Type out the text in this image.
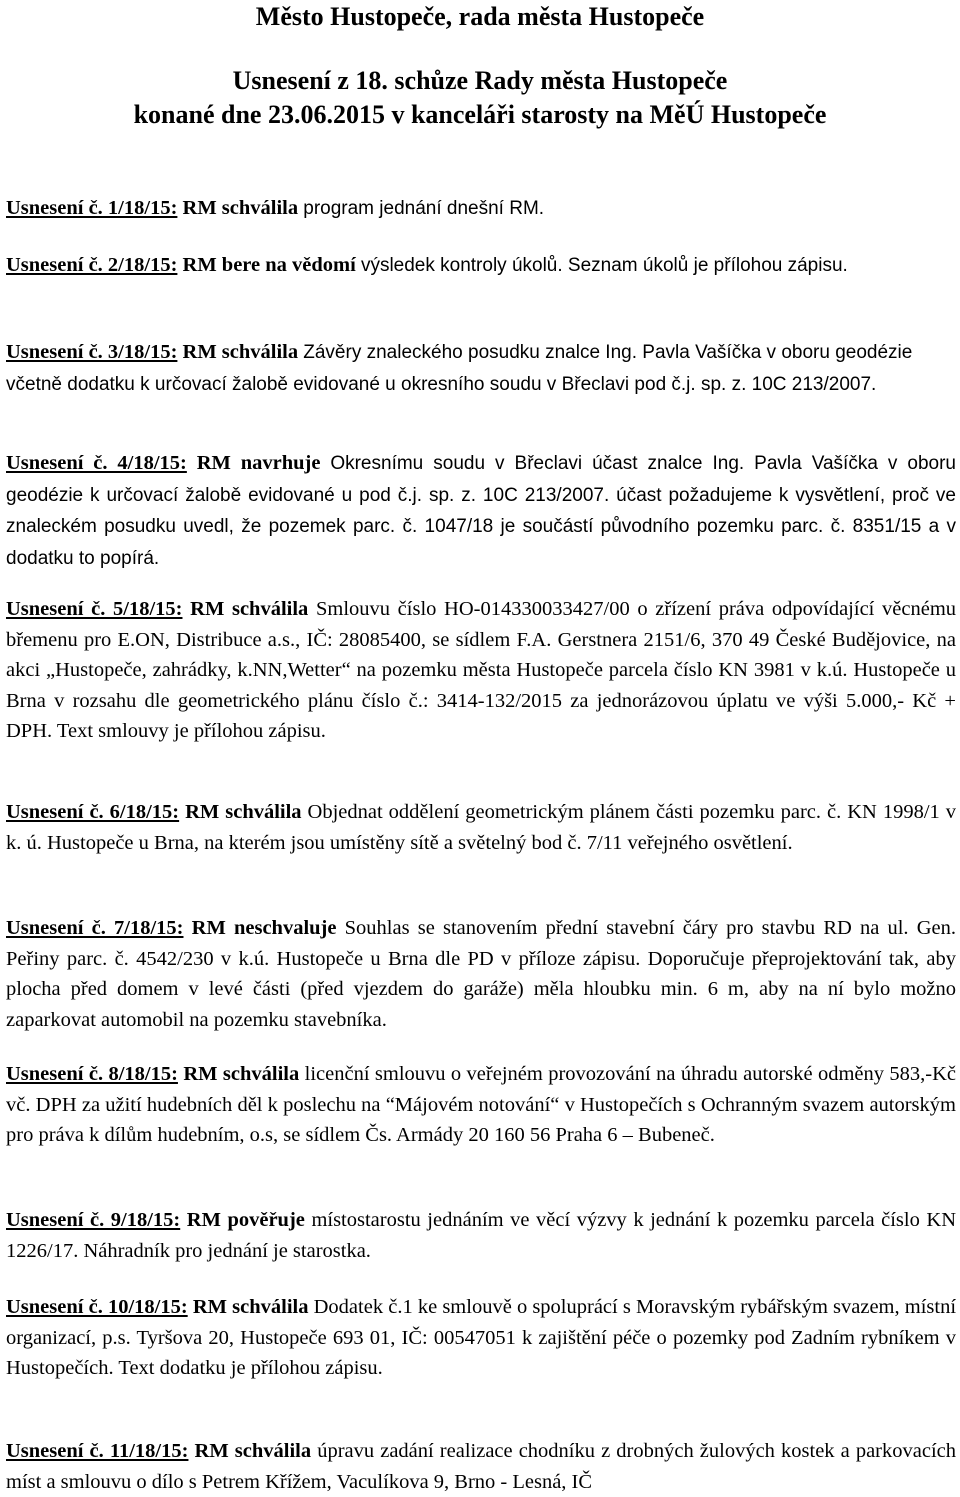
Město Hustopeče, rada města Hustopeče
Usnesení z 18. schůze Rady města Hustopeče
konané dne 23.06.2015 v kanceláři starosty na MěÚ Hustopeče
Usnesení č. 1/18/15: RM schválila program jednání dnešní RM.
Usnesení č. 2/18/15: RM bere na vědomí výsledek kontroly úkolů. Seznam úkolů je přílohou zápisu.
Usnesení č. 3/18/15: RM schválila Závěry znaleckého posudku znalce Ing. Pavla Vašíčka v oboru geodézie včetně dodatku k určovací žalobě evidované u okresního soudu v Břeclavi pod č.j. sp. z. 10C 213/2007.
Usnesení č. 4/18/15: RM navrhuje Okresnímu soudu v Břeclavi účast znalce Ing. Pavla Vašíčka v oboru geodézie k určovací žalobě evidované u pod č.j. sp. z. 10C 213/2007. účast požadujeme k vysvětlení, proč ve znaleckém posudku uvedl, že pozemek parc. č. 1047/18 je součástí původního pozemku parc. č. 8351/15 a v dodatku to popírá.
Usnesení č. 5/18/15: RM schválila Smlouvu číslo HO-014330033427/00 o zřízení práva odpovídající věcnému břemenu pro E.ON, Distribuce a.s., IČ: 28085400, se sídlem F.A. Gerstnera 2151/6, 370 49 České Budějovice, na akci „Hustopeče, zahrádky, k.NN,Wetter“ na pozemku města Hustopeče parcela číslo KN 3981 v k.ú. Hustopeče u Brna v rozsahu dle geometrického plánu číslo č.: 3414-132/2015 za jednorázovou úplatu ve výši 5.000,- Kč + DPH. Text smlouvy je přílohou zápisu.
Usnesení č. 6/18/15: RM schválila Objednat oddělení geometrickým plánem části pozemku parc. č. KN 1998/1 v k. ú. Hustopeče u Brna, na kterém jsou umístěny sítě a světelný bod č. 7/11 veřejného osvětlení.
Usnesení č. 7/18/15: RM neschvaluje Souhlas se stanovením přední stavební čáry pro stavbu RD na ul. Gen. Peřiny parc. č. 4542/230 v k.ú. Hustopeče u Brna dle PD v příloze zápisu. Doporučuje přeprojektování tak, aby plocha před domem v levé části (před vjezdem do garáže) měla hloubku min. 6 m, aby na ní bylo možno zaparkovat automobil na pozemku stavebníka.
Usnesení č. 8/18/15: RM schválila licenční smlouvu o veřejném provozování na úhradu autorské odměny 583,-Kč vč. DPH za užití hudebních děl k poslechu na “Májovém notování“ v Hustopečích s Ochranným svazem autorským pro práva k dílům hudebním, o.s, se sídlem Čs. Armády 20 160 56 Praha 6 – Bubeneč.
Usnesení č. 9/18/15: RM pověřuje místostarostu jednáním ve věcí výzvy k jednání k pozemku parcela číslo KN 1226/17. Náhradník pro jednání je starostka.
Usnesení č. 10/18/15: RM schválila Dodatek č.1 ke smlouvě o spoluprácí s Moravským rybářským svazem, místní organizací, p.s. Tyršova 20, Hustopeče 693 01, IČ: 00547051 k zajištění péče o pozemky pod Zadním rybníkem v Hustopečích. Text dodatku je přílohou zápisu.
Usnesení č. 11/18/15: RM schválila úpravu zadání realizace chodníku z drobných žulových kostek a parkovacích míst a smlouvu o dílo s Petrem Křížem, Vaculíkova 9, Brno - Lesná, IČ
